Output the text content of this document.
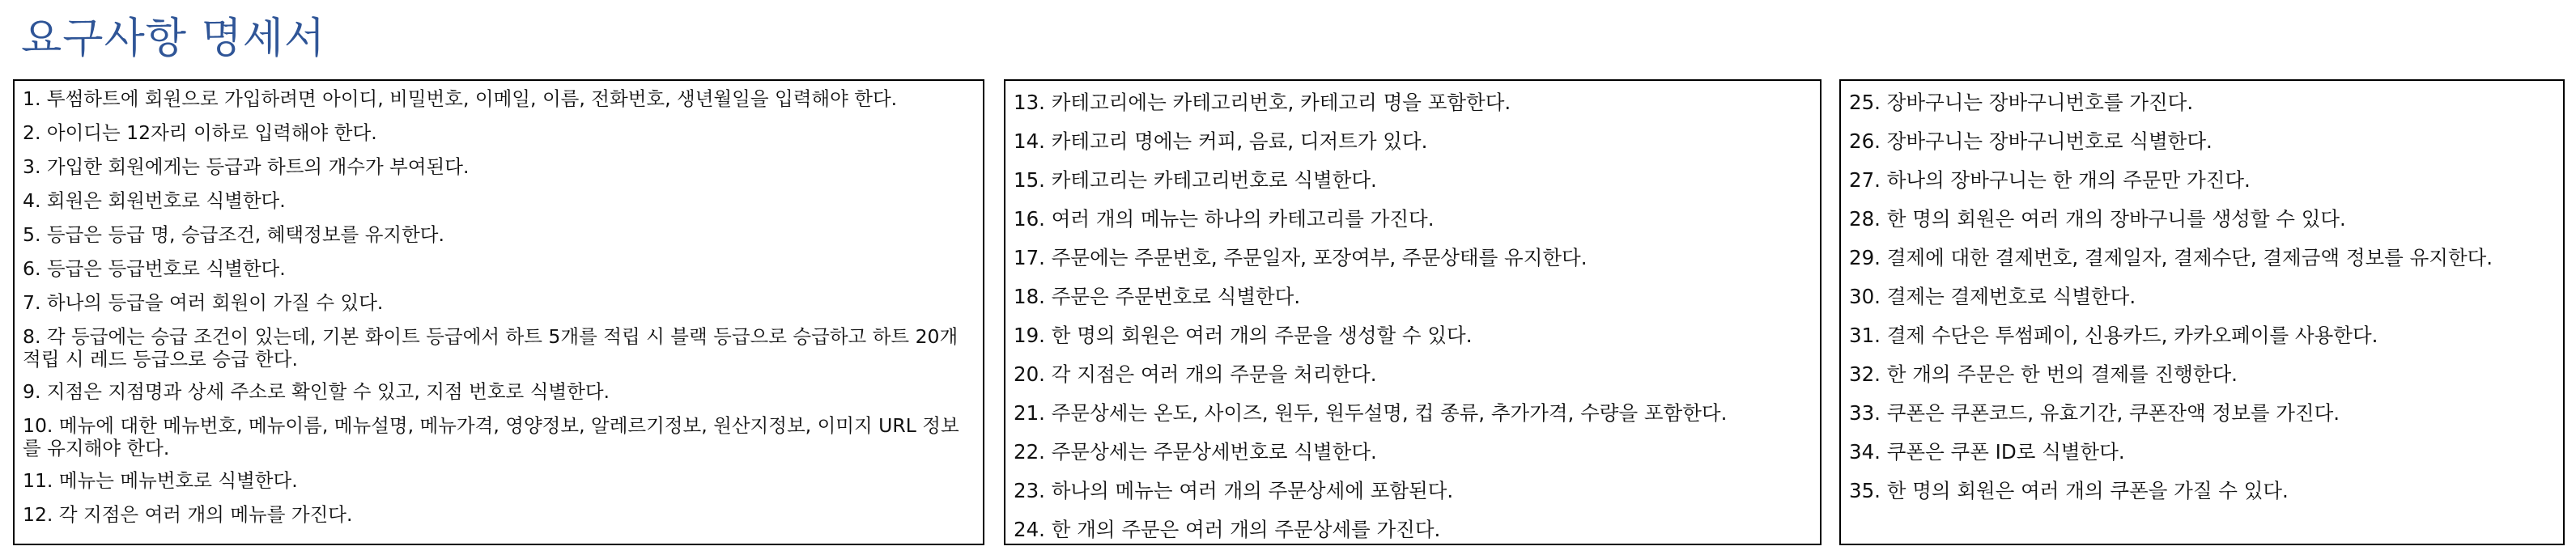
요구사항 명세서
1. 투썸하트에 회원으로 가입하려면 아이디, 비밀번호, 이메일, 이름, 전화번호, 생년월일을 입력해야 한다.
2. 아이디는 12자리 이하로 입력해야 한다.
3. 가입한 회원에게는 등급과 하트의 개수가 부여된다.
4. 회원은 회원번호로 식별한다.
5. 등급은 등급 명, 승급조건, 혜택정보를 유지한다.
6. 등급은 등급번호로 식별한다.
7. 하나의 등급을 여러 회원이 가질 수 있다.
8. 각 등급에는 승급 조건이 있는데, 기본 화이트 등급에서 하트 5개를 적립 시 블랙 등급으로 승급하고 하트 20개 적립 시 레드 등급으로 승급 한다.
9. 지점은 지점명과 상세 주소로 확인할 수 있고, 지점 번호로 식별한다.
10. 메뉴에 대한 메뉴번호, 메뉴이름, 메뉴설명, 메뉴가격, 영양정보, 알레르기정보, 원산지정보, 이미지 URL 정보를 유지해야 한다.
11. 메뉴는 메뉴번호로 식별한다.
12. 각 지점은 여러 개의 메뉴를 가진다.
13. 카테고리에는 카테고리번호, 카테고리 명을 포함한다.
14. 카테고리 명에는 커피, 음료, 디저트가 있다.
15. 카테고리는 카테고리번호로 식별한다.
16. 여러 개의 메뉴는 하나의 카테고리를 가진다.
17. 주문에는 주문번호, 주문일자, 포장여부, 주문상태를 유지한다.
18. 주문은 주문번호로 식별한다.
19. 한 명의 회원은 여러 개의 주문을 생성할 수 있다.
20. 각 지점은 여러 개의 주문을 처리한다.
21. 주문상세는 온도, 사이즈, 원두, 원두설명, 컵 종류, 추가가격, 수량을 포함한다.
22. 주문상세는 주문상세번호로 식별한다.
23. 하나의 메뉴는 여러 개의 주문상세에 포함된다.
24. 한 개의 주문은 여러 개의 주문상세를 가진다.
25. 장바구니는 장바구니번호를 가진다.
26. 장바구니는 장바구니번호로 식별한다.
27. 하나의 장바구니는 한 개의 주문만 가진다.
28. 한 명의 회원은 여러 개의 장바구니를 생성할 수 있다.
29. 결제에 대한 결제번호, 결제일자, 결제수단, 결제금액 정보를 유지한다.
30. 결제는 결제번호로 식별한다.
31. 결제 수단은 투썸페이, 신용카드, 카카오페이를 사용한다.
32. 한 개의 주문은 한 번의 결제를 진행한다.
33. 쿠폰은 쿠폰코드, 유효기간, 쿠폰잔액 정보를 가진다.
34. 쿠폰은 쿠폰 ID로 식별한다.
35. 한 명의 회원은 여러 개의 쿠폰을 가질 수 있다.
